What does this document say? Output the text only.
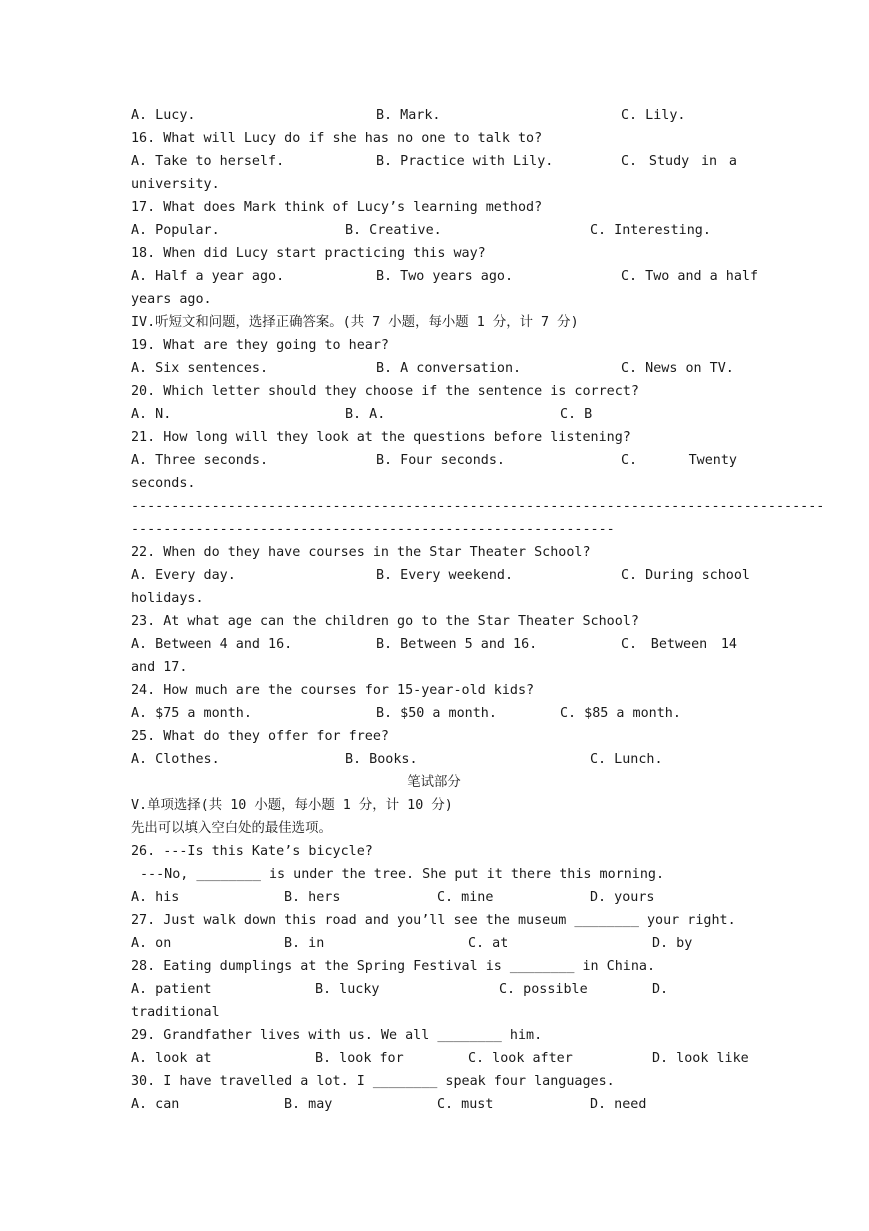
A. Lucy.

	B. Mark.

	C. Lily.

16. What will Lucy do if she has no one to talk to?

A. Take to herself.

	B. Practice with Lily.

	C. Study in a

university.
17. What does Mark think of Lucy’s learning method?

A. Popular.

	B. Creative.

	C. Interesting.

18. When did Lucy start practicing this way?

A. Half a year ago.

	B. Two years ago.

	C. Two and a half

years ago.
IV.听短文和问题，选择正确答案。(共 7 小题，每小题 1 分，计 7 分)
19. What are they going to hear?

A. Six sentences.

	B. A conversation.

	C. News on TV.

20. Which letter should they choose if the sentence is correct?

A. N.

	B. A.

	C. B

21. How long will they look at the questions before listening?

A. Three seconds.

	B. Four seconds.

	C.	Twenty

seconds.
--------------------------------------------------------------------------------------
------------------------------------------------------------
22. When do they have courses in the Star Theater School?

A. Every day.

	B. Every weekend.

	C. During school

holidays.
23. At what age can the children go to the Star Theater School?

A. Between 4 and 16.

	B. Between 5 and 16.

	C. Between 14

and 17.
24. How much are the courses for 15-year-old kids?

A. $75 a month.

	B. $50 a month.

	C. $85 a month.

25. What do they offer for free?

A. Clothes.

	B. Books.

	C. Lunch.

笔试部分
V.单项选择(共 10 小题，每小题 1 分，计 10 分)
先出可以填入空白处的最佳选项。
26. ---Is this Kate’s bicycle?
---No, ________ is under the tree. She put it there this morning.

A. his

	B. hers

	C. mine

	D. yours

27. Just walk down this road and you’ll see the museum ________ your right.

A. on

	B. in

	C. at

	D. by

28. Eating dumplings at the Spring Festival is ________ in China.

A. patient

	B. lucky

	C. possible

	D.

traditional
29. Grandfather lives with us. We all ________ him.

A. look at

	B. look for

	C. look after

	D. look like

30. I have travelled a lot. I ________ speak four languages.

A. can

	B. may

	C. must

	D. need
